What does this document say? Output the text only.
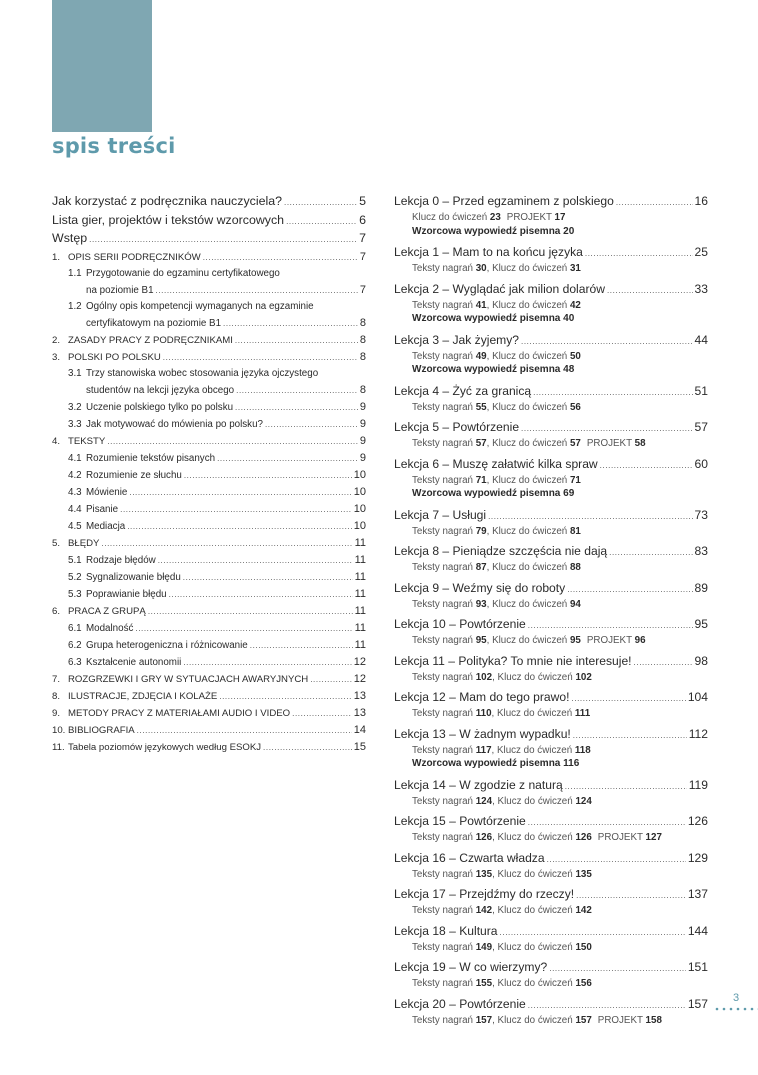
spis treści
Jak korzystać z podręcznika nauczyciela? .....	5
Lista gier, projektów i tekstów wzorcowych .....	6
Wstęp .....	7
1. OPIS SERII PODRĘCZNIKÓW .....	7
1.1 Przygotowanie do egzaminu certyfikatowego
na poziomie B1 .....	7
1.2 Ogólny opis kompetencji wymaganych na egzaminie
certyfikatowym na poziomie B1 .....	8
2. ZASADY PRACY Z PODRĘCZNIKAMI .....	8
3. POLSKI PO POLSKU .....	8
3.1 Trzy stanowiska wobec stosowania języka ojczystego
studentów na lekcji języka obcego .....	8
3.2 Uczenie polskiego tylko po polsku .....	9
3.3 Jak motywować do mówienia po polsku? .....	9
4. TEKSTY .....	9
4.1 Rozumienie tekstów pisanych .....	9
4.2 Rozumienie ze słuchu .....	10
4.3 Mówienie .....	10
4.4 Pisanie .....	10
4.5 Mediacja .....	10
5. BŁĘDY .....	11
5.1 Rodzaje błędów .....	11
5.2 Sygnalizowanie błędu .....	11
5.3 Poprawianie błędu .....	11
6. PRACA Z GRUPĄ .....	11
6.1 Modalność .....	11
6.2 Grupa heterogeniczna i różnicowanie .....	11
6.3 Kształcenie autonomii .....	12
7. ROZGRZEWKI I GRY W SYTUACJACH AWARYJNYCH .....	12
8. ILUSTRACJE, ZDJĘCIA I KOLAŻE .....	13
9. METODY PRACY Z MATERIAŁAMI AUDIO I VIDEO .....	13
10. BIBLIOGRAFIA .....	14
11. Tabela poziomów językowych według ESOKJ .....	15
Lekcja 0 – Przed egzaminem z polskiego .....	16
Klucz do ćwiczeń 23 PROJEKT 17
Wzorcowa wypowiedź pisemna 20
Lekcja 1 – Mam to na końcu języka .....	25
Teksty nagrań 30, Klucz do ćwiczeń 31
Lekcja 2 – Wyglądać jak milion dolarów .....	33
Teksty nagrań 41, Klucz do ćwiczeń 42
Wzorcowa wypowiedź pisemna 40
Lekcja 3 – Jak żyjemy? .....	44
Teksty nagrań 49, Klucz do ćwiczeń 50
Wzorcowa wypowiedź pisemna 48
Lekcja 4 – Żyć za granicą .....	51
Teksty nagrań 55, Klucz do ćwiczeń 56
Lekcja 5 – Powtórzenie .....	57
Teksty nagrań 57, Klucz do ćwiczeń 57 PROJEKT 58
Lekcja 6 – Muszę załatwić kilka spraw .....	60
Teksty nagrań 71, Klucz do ćwiczeń 71
Wzorcowa wypowiedź pisemna 69
Lekcja 7 – Usługi .....	73
Teksty nagrań 79, Klucz do ćwiczeń 81
Lekcja 8 – Pieniądze szczęścia nie dają .....	83
Teksty nagrań 87, Klucz do ćwiczeń 88
Lekcja 9 – Weźmy się do roboty .....	89
Teksty nagrań 93, Klucz do ćwiczeń 94
Lekcja 10 – Powtórzenie .....	95
Teksty nagrań 95, Klucz do ćwiczeń 95 PROJEKT 96
Lekcja 11 – Polityka? To mnie nie interesuje! .....	98
Teksty nagrań 102, Klucz do ćwiczeń 102
Lekcja 12 – Mam do tego prawo! .....	104
Teksty nagrań 110, Klucz do ćwiczeń 111
Lekcja 13 – W żadnym wypadku! .....	112
Teksty nagrań 117, Klucz do ćwiczeń 118
Wzorcowa wypowiedź pisemna 116
Lekcja 14 – W zgodzie z naturą .....	119
Teksty nagrań 124, Klucz do ćwiczeń 124
Lekcja 15 – Powtórzenie .....	126
Teksty nagrań 126, Klucz do ćwiczeń 126 PROJEKT 127
Lekcja 16 – Czwarta władza .....	129
Teksty nagrań 135, Klucz do ćwiczeń 135
Lekcja 17 – Przejdźmy do rzeczy! .....	137
Teksty nagrań 142, Klucz do ćwiczeń 142
Lekcja 18 – Kultura .....	144
Teksty nagrań 149, Klucz do ćwiczeń 150
Lekcja 19 – W co wierzymy? .....	151
Teksty nagrań 155, Klucz do ćwiczeń 156
Lekcja 20 – Powtórzenie .....	157
Teksty nagrań 157, Klucz do ćwiczeń 157 PROJEKT 158
3
